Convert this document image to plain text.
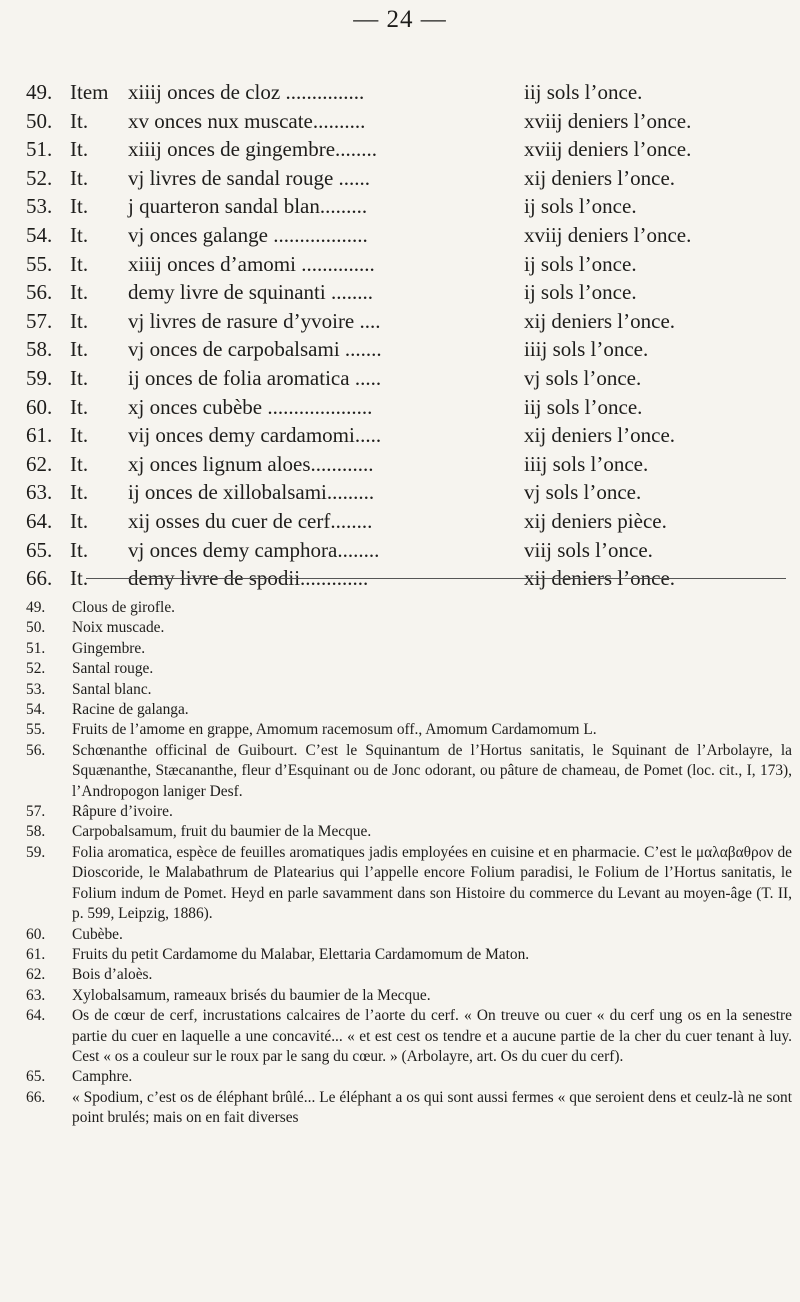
— 24 —
49. Item xiiij onces de cloz ...............	iij sols l’once.
50. It.	xv onces nux muscate..........	xviij deniers l’once.
51. It.	xiiij onces de gingembre........	xviij deniers l’once.
52. It.	vj livres de sandal rouge ......	xij deniers l’once.
53. It.	j quarteron sandal blan.........	ij sols l’once.
54. It.	vj onces galange ..................	xviij deniers l’once.
55. It.	xiiij onces d’amomi ..............	ij sols l’once.
56. It.	demy livre de squinanti ........	ij sols l’once.
57. It.	vj livres de rasure d’yvoire ....	xij deniers l’once.
58. It.	vj onces de carpobalsami .......	iiij sols l’once.
59. It.	ij onces de folia aromatica .....	vj sols l’once.
60. It.	xj onces cubèbe ....................	iij sols l’once.
61. It.	vij onces demy cardamomi.....	xij deniers l’once.
62. It.	xj onces lignum aloes............	iiij sols l’once.
63. It.	ij onces de xillobalsami.........	vj sols l’once.
64. It.	xij osses du cuer de cerf........	xij deniers pièce.
65. It.	vj onces demy camphora........	viij sols l’once.
66. It.	demy livre de spodii.............	xij deniers l’once.
49.	Clous de girofle.
50.	Noix muscade.
51.	Gingembre.
52.	Santal rouge.
53.	Santal blanc.
54.	Racine de galanga.
55.	Fruits de l’amome en grappe, Amomum racemosum off., Amomum Cardamomum L.
56.	Schœnanthe officinal de Guibourt. C’est le Squinantum de l’Hortus sanitatis, le Squinant de l’Arbolayre, la Squænanthe, Stæcananthe, fleur d’Esquinant ou de Jonc odorant, ou pâture de chameau, de Pomet (loc. cit., I, 173), l’Andropogon laniger Desf.
57.	Râpure d’ivoire.
58.	Carpobalsamum, fruit du baumier de la Mecque.
59.	Folia aromatica, espèce de feuilles aromatiques jadis employées en cuisine et en pharmacie. C’est le μαλαβαθρον de Dioscoride, le Malabathrum de Platearius qui l’appelle encore Folium paradisi, le Folium de l’Hortus sanitatis, le Folium indum de Pomet. Heyd en parle savamment dans son Histoire du commerce du Levant au moyen-âge (T. II, p. 599, Leipzig, 1886).
60.	Cubèbe.
61.	Fruits du petit Cardamome du Malabar, Elettaria Cardamomum de Maton.
62.	Bois d’aloès.
63.	Xylobalsamum, rameaux brisés du baumier de la Mecque.
64.	Os de cœur de cerf, incrustations calcaires de l’aorte du cerf. « On treuve ou cuer « du cerf ung os en la senestre partie du cuer en laquelle a une concavité... « et est cest os tendre et a aucune partie de la cher du cuer tenant à luy. Cest « os a couleur sur le roux par le sang du cœur. » (Arbolayre, art. Os du cuer du cerf).
65.	Camphre.
66.	« Spodium, c’est os de éléphant brûlé... Le éléphant a os qui sont aussi fermes « que seroient dens et ceulz-là ne sont point brulés; mais on en fait diverses
